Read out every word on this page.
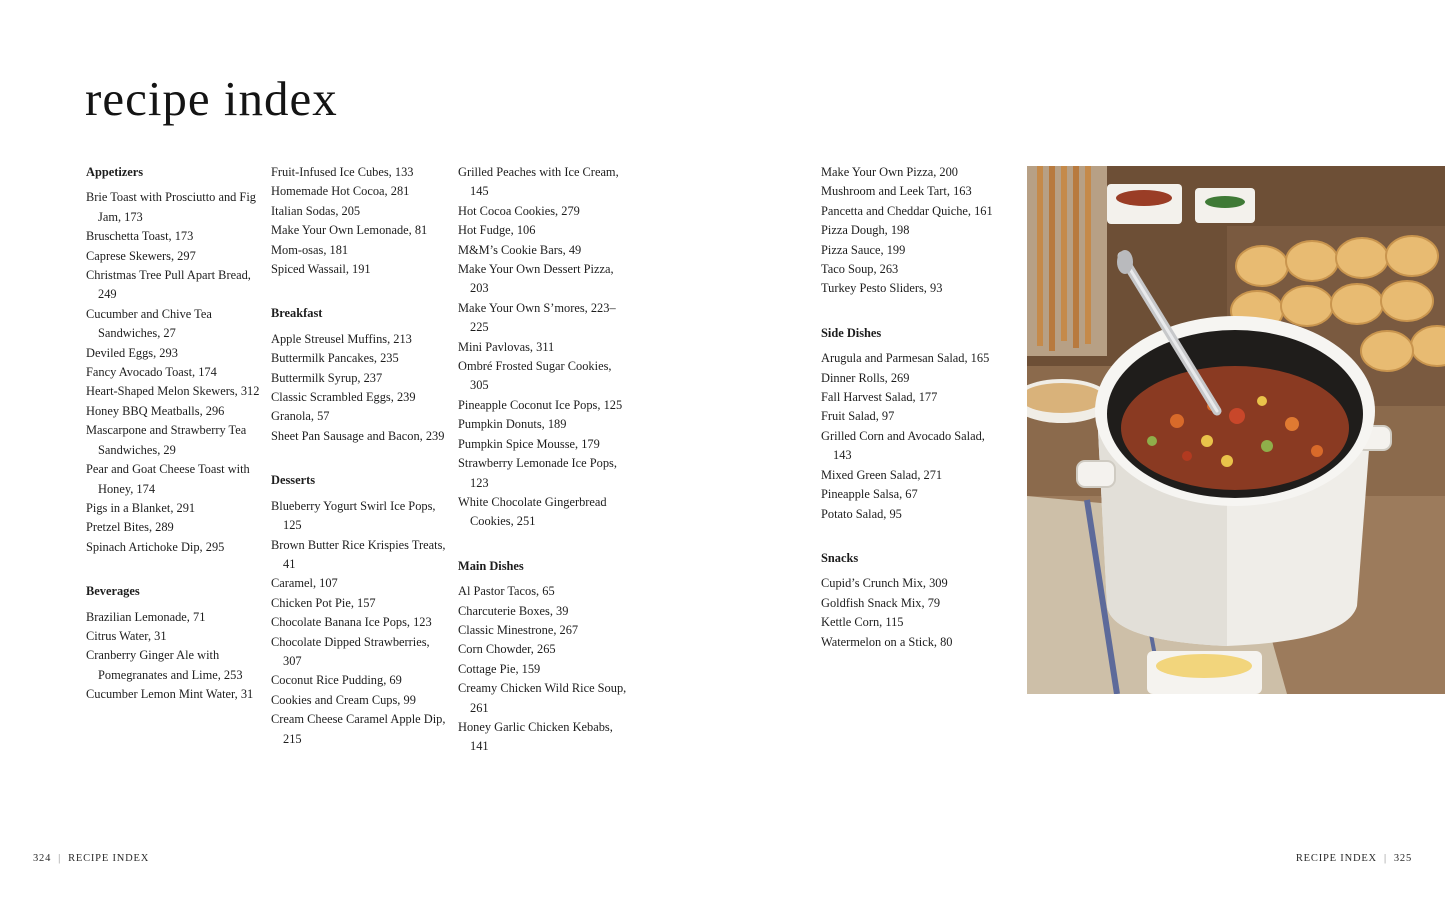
recipe index
Appetizers
Brie Toast with Prosciutto and Fig Jam, 173
Bruschetta Toast, 173
Caprese Skewers, 297
Christmas Tree Pull Apart Bread, 249
Cucumber and Chive Tea Sandwiches, 27
Deviled Eggs, 293
Fancy Avocado Toast, 174
Heart-Shaped Melon Skewers, 312
Honey BBQ Meatballs, 296
Mascarpone and Strawberry Tea Sandwiches, 29
Pear and Goat Cheese Toast with Honey, 174
Pigs in a Blanket, 291
Pretzel Bites, 289
Spinach Artichoke Dip, 295
Beverages
Brazilian Lemonade, 71
Citrus Water, 31
Cranberry Ginger Ale with Pomegranates and Lime, 253
Cucumber Lemon Mint Water, 31
Fruit-Infused Ice Cubes, 133
Homemade Hot Cocoa, 281
Italian Sodas, 205
Make Your Own Lemonade, 81
Mom-osas, 181
Spiced Wassail, 191
Breakfast
Apple Streusel Muffins, 213
Buttermilk Pancakes, 235
Buttermilk Syrup, 237
Classic Scrambled Eggs, 239
Granola, 57
Sheet Pan Sausage and Bacon, 239
Desserts
Blueberry Yogurt Swirl Ice Pops, 125
Brown Butter Rice Krispies Treats, 41
Caramel, 107
Chicken Pot Pie, 157
Chocolate Banana Ice Pops, 123
Chocolate Dipped Strawberries, 307
Coconut Rice Pudding, 69
Cookies and Cream Cups, 99
Cream Cheese Caramel Apple Dip, 215
Grilled Peaches with Ice Cream, 145
Hot Cocoa Cookies, 279
Hot Fudge, 106
M&M’s Cookie Bars, 49
Make Your Own Dessert Pizza, 203
Make Your Own S’mores, 223–225
Mini Pavlovas, 311
Ombré Frosted Sugar Cookies, 305
Pineapple Coconut Ice Pops, 125
Pumpkin Donuts, 189
Pumpkin Spice Mousse, 179
Strawberry Lemonade Ice Pops, 123
White Chocolate Gingerbread Cookies, 251
Main Dishes
Al Pastor Tacos, 65
Charcuterie Boxes, 39
Classic Minestrone, 267
Corn Chowder, 265
Cottage Pie, 159
Creamy Chicken Wild Rice Soup, 261
Honey Garlic Chicken Kebabs, 141
Make Your Own Pizza, 200
Mushroom and Leek Tart, 163
Pancetta and Cheddar Quiche, 161
Pizza Dough, 198
Pizza Sauce, 199
Taco Soup, 263
Turkey Pesto Sliders, 93
Side Dishes
Arugula and Parmesan Salad, 165
Dinner Rolls, 269
Fall Harvest Salad, 177
Fruit Salad, 97
Grilled Corn and Avocado Salad, 143
Mixed Green Salad, 271
Pineapple Salsa, 67
Potato Salad, 95
Snacks
Cupid’s Crunch Mix, 309
Goldfish Snack Mix, 79
Kettle Corn, 115
Watermelon on a Stick, 80
324 | RECIPE INDEX	RECIPE INDEX | 325
